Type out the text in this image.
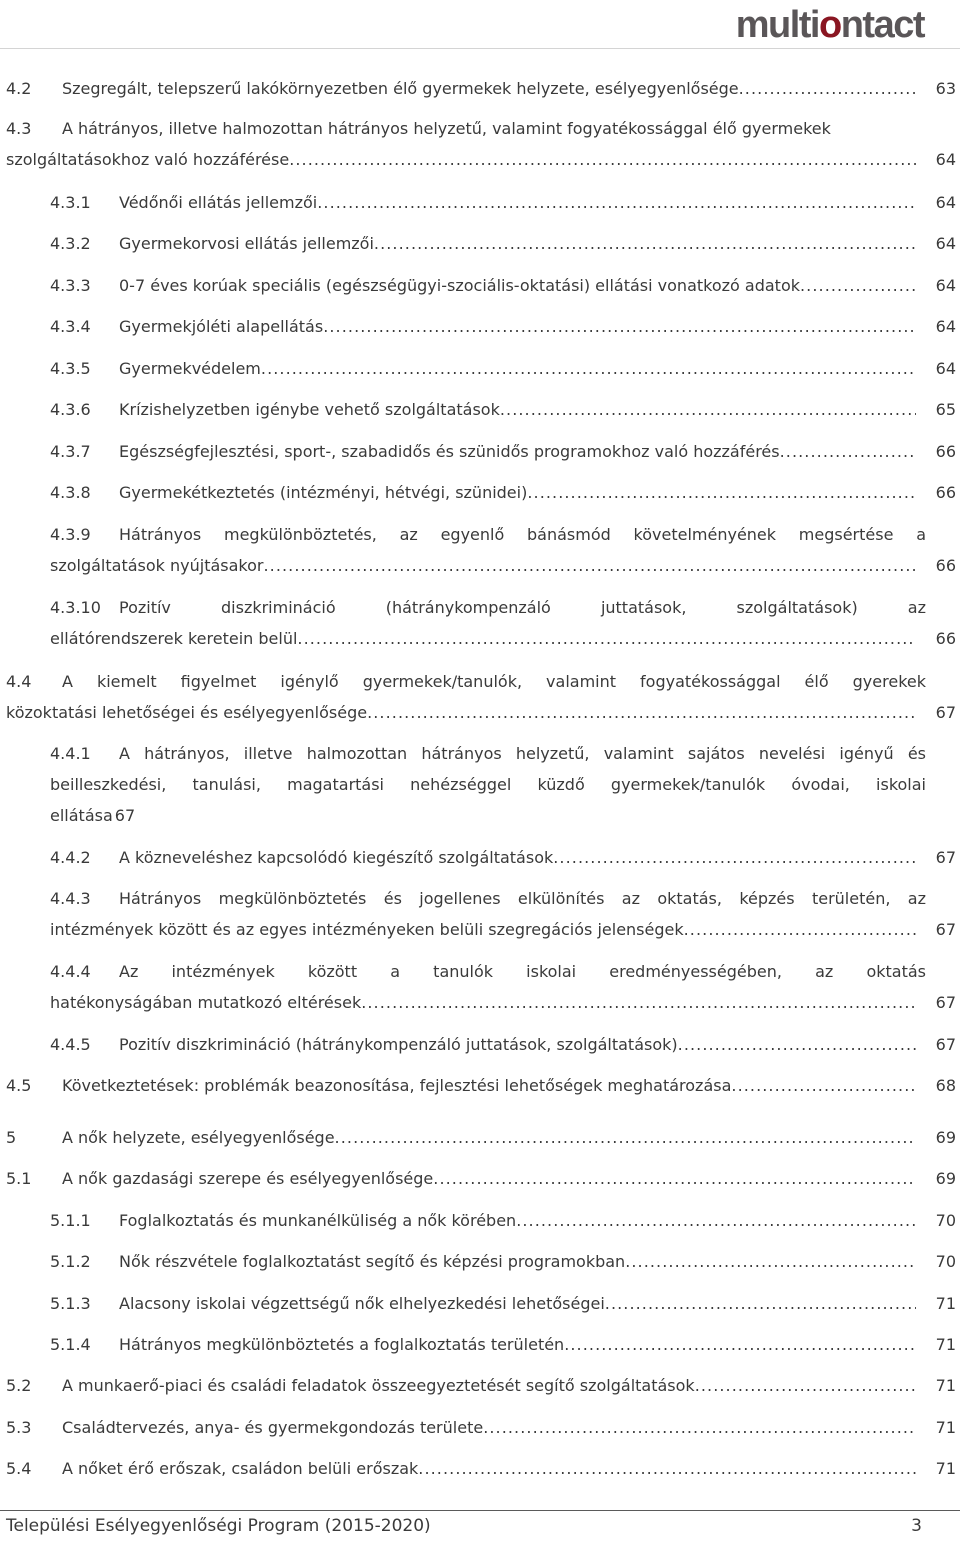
multiontact
4.2 Szegregált, telepszerű lakókörnyezetben élő gyermekek helyzete, esélyegyenlősége . . .	63
4.3 A hátrányos, illetve halmozottan hátrányos helyzetű, valamint fogyatékossággal élő gyermekek
szolgáltatásokhoz való hozzáférése . . .	64
4.3.1 Védőnői ellátás jellemzői . . .	64
4.3.2 Gyermekorvosi ellátás jellemzői . . .	64
4.3.3 0-7 éves korúak speciális (egészségügyi-szociális-oktatási) ellátási vonatkozó adatok . . .	64
4.3.4 Gyermekjóléti alapellátás . . .	64
4.3.5 Gyermekvédelem . . .	64
4.3.6 Krízishelyzetben igénybe vehető szolgáltatások . . .	65
4.3.7 Egészségfejlesztési, sport-, szabadidős és szünidős programokhoz való hozzáférés . . .	66
4.3.8 Gyermekétkeztetés (intézményi, hétvégi, szünidei) . . .	66
4.3.9 Hátrányos megkülönböztetés, az egyenlő bánásmód követelményének megsértése a
szolgáltatások nyújtásakor . . .	66
4.3.10 Pozitív diszkrimináció (hátránykompenzáló juttatások, szolgáltatások) az
ellátórendszerek keretein belül . . .	66
4.4 A kiemelt figyelmet igénylő gyermekek/tanulók, valamint fogyatékossággal élő gyerekek
közoktatási lehetőségei és esélyegyenlősége . . .	67
4.4.1 A hátrányos, illetve halmozottan hátrányos helyzetű, valamint sajátos nevelési igényű és
beilleszkedési, tanulási, magatartási nehézséggel küzdő gyermekek/tanulók óvodai, iskolai
ellátása 67
4.4.2 A közneveléshez kapcsolódó kiegészítő szolgáltatások . . .	67
4.4.3 Hátrányos megkülönböztetés és jogellenes elkülönítés az oktatás, képzés területén, az
intézmények között és az egyes intézményeken belüli szegregációs jelenségek . . .	67
4.4.4 Az intézmények között a tanulók iskolai eredményességében, az oktatás
hatékonyságában mutatkozó eltérések . . .	67
4.4.5 Pozitív diszkrimináció (hátránykompenzáló juttatások, szolgáltatások) . . .	67
4.5 Következtetések: problémák beazonosítása, fejlesztési lehetőségek meghatározása . . .	68
5	A nők helyzete, esélyegyenlősége . . .	69
5.1 A nők gazdasági szerepe és esélyegyenlősége . . .	69
5.1.1 Foglalkoztatás és munkanélküliség a nők körében . . .	70
5.1.2 Nők részvétele foglalkoztatást segítő és képzési programokban . . .	70
5.1.3 Alacsony iskolai végzettségű nők elhelyezkedési lehetőségei . . .	71
5.1.4 Hátrányos megkülönböztetés a foglalkoztatás területén . . .	71
5.2 A munkaerő-piaci és családi feladatok összeegyeztetését segítő szolgáltatások . . .	71
5.3 Családtervezés, anya- és gyermekgondozás területe . . .	71
5.4 A nőket érő erőszak, családon belüli erőszak . . .	71
Települési Esélyegyenlőségi Program (2015-2020)	3
